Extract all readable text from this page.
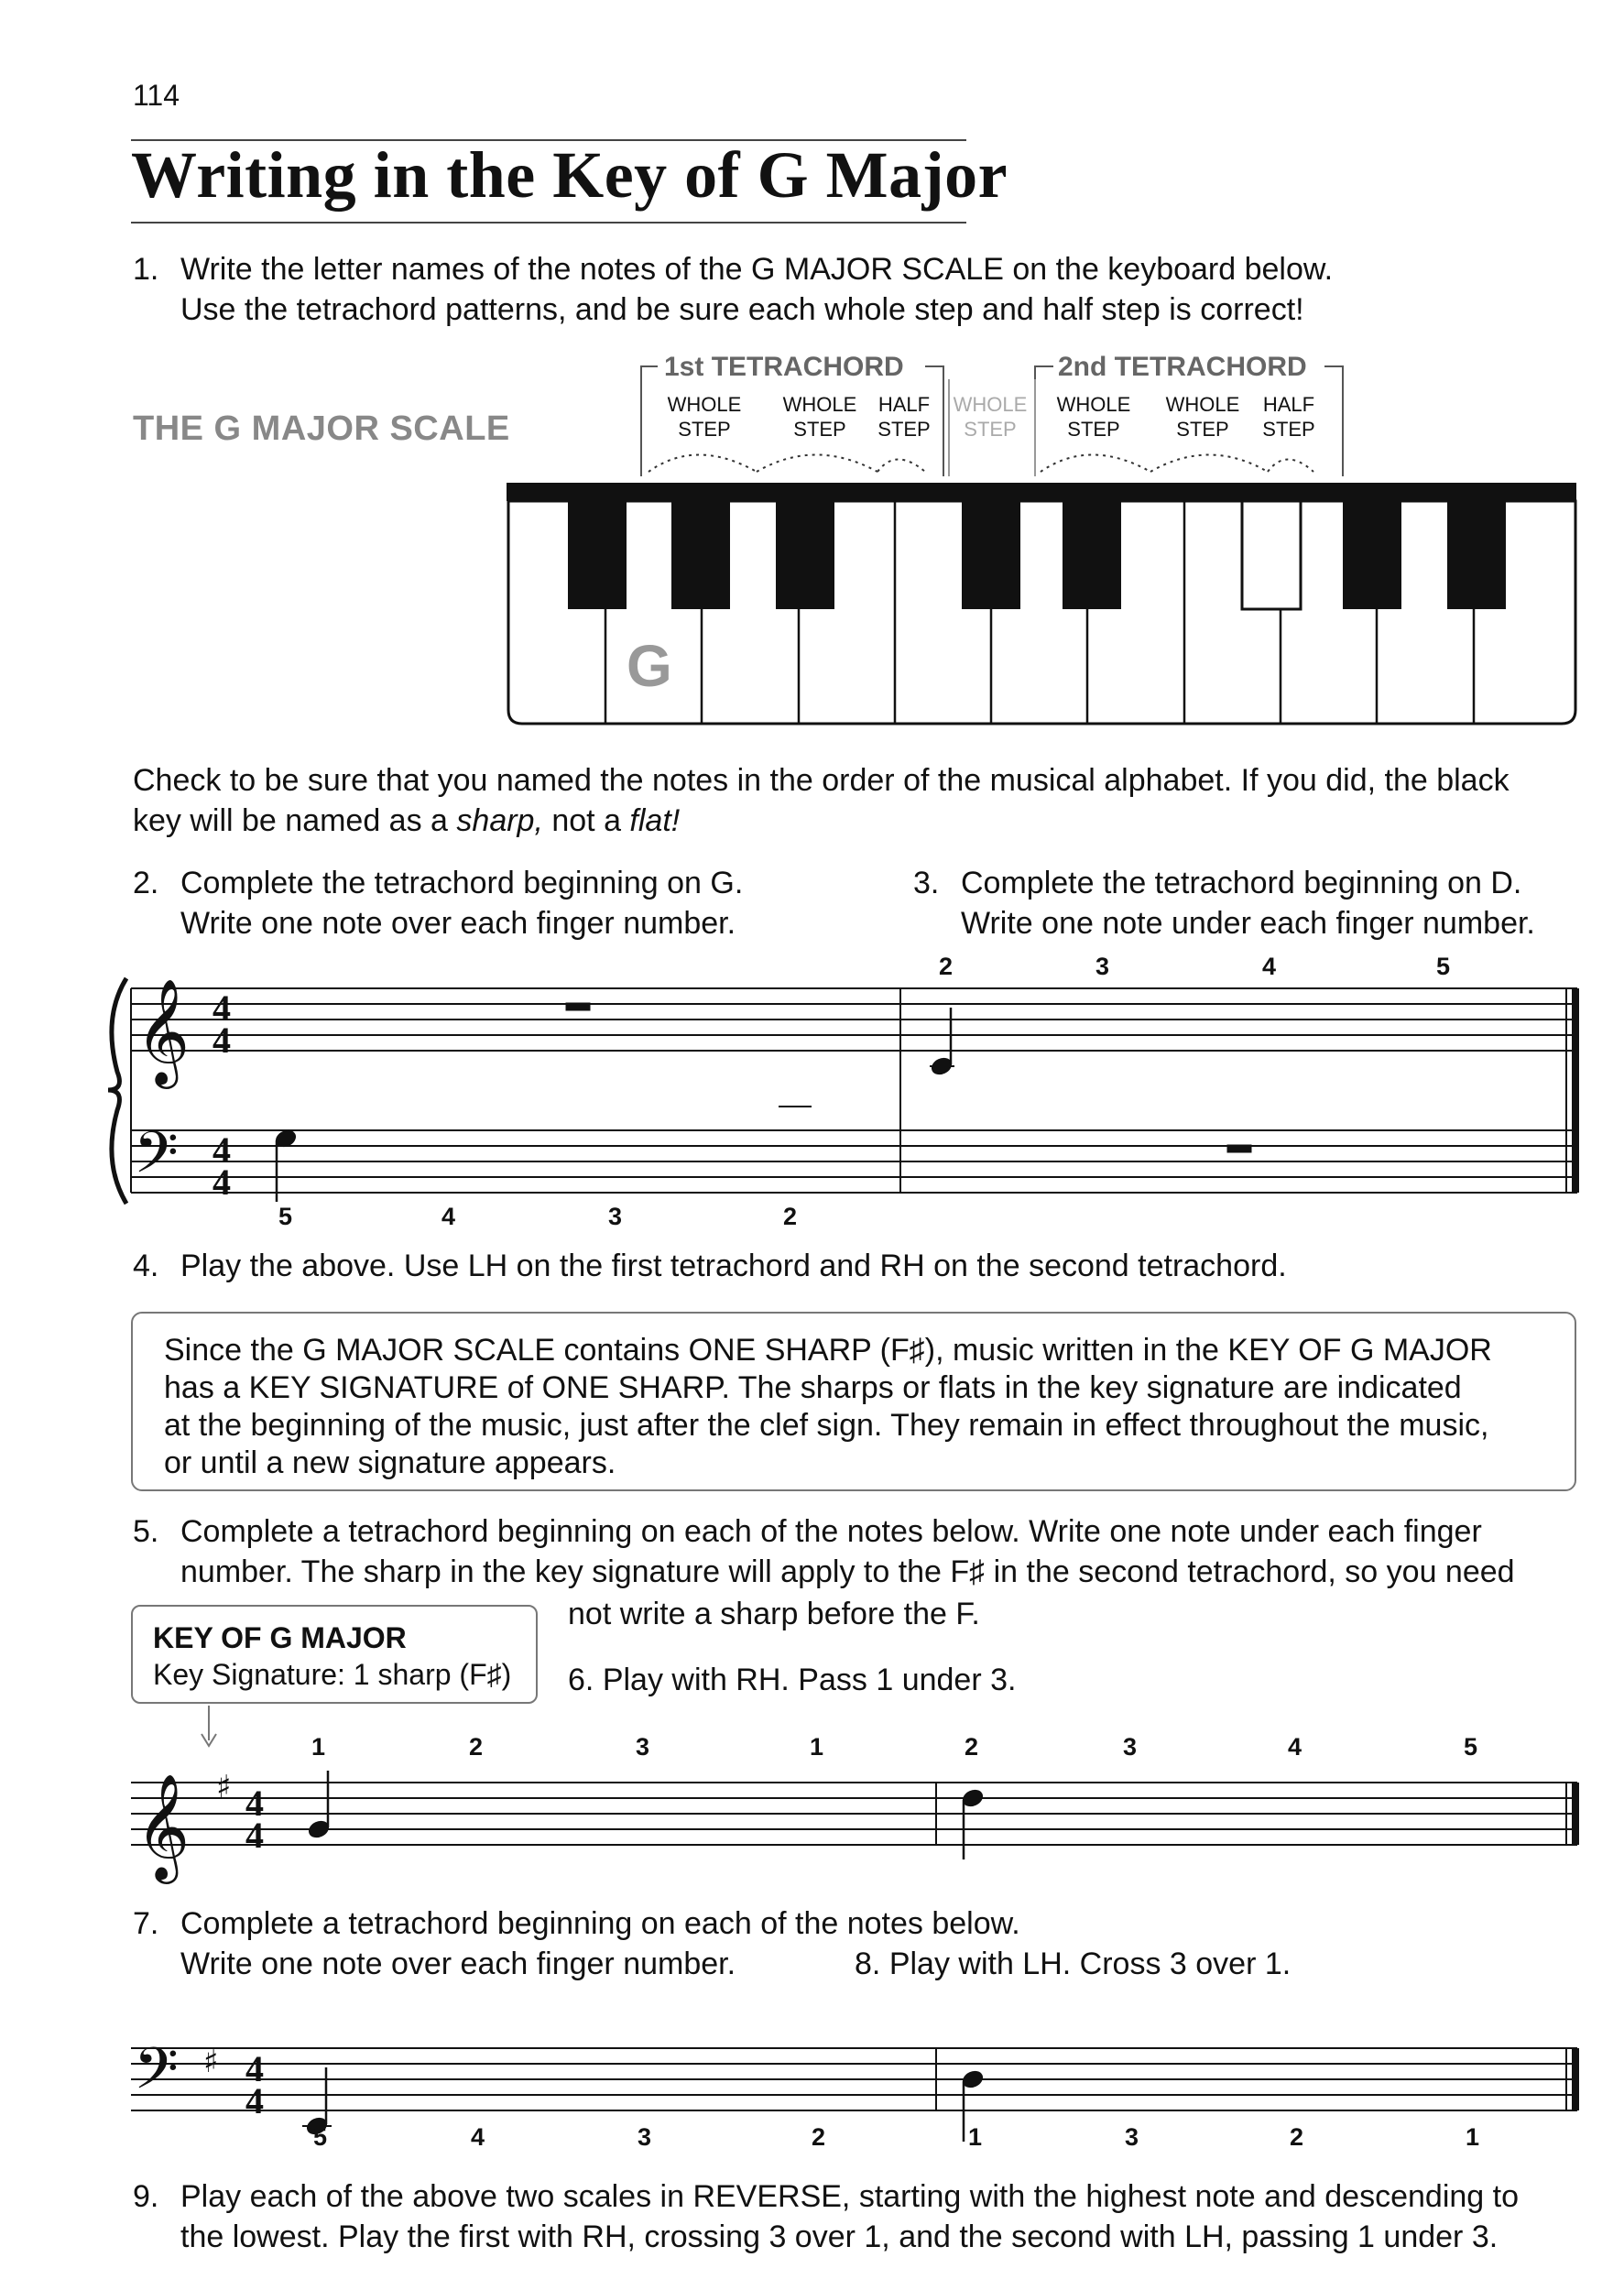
114
Writing in the Key of G Major
1. Write the letter names of the notes of the G MAJOR SCALE on the keyboard below.
Use the tetrachord patterns, and be sure each whole step and half step is correct!
THE G MAJOR SCALE
1st TETRACHORD	2nd TETRACHORD
WHOLE
STEP
WHOLE
STEP
HALF
STEP
WHOLE
STEP
WHOLE
STEP
WHOLE
STEP
HALF
STEP
𝄞
𝄢
4
4
4
4
𝄞 ♯ 4
4
𝄢 ♯ 4
4
G
Check to be sure that you named the notes in the order of the musical alphabet. If you did, the black
key will be named as a sharp, not a flat!
2. Complete the tetrachord beginning on G.
Write one note over each finger number.
3. Complete the tetrachord beginning on D.
Write one note under each finger number.
2	3	4	5
5	4	3	2
4. Play the above. Use LH on the first tetrachord and RH on the second tetrachord.
Since the G MAJOR SCALE contains ONE SHARP (F♯), music written in the KEY OF G MAJOR
has a KEY SIGNATURE of ONE SHARP. The sharps or flats in the key signature are indicated
at the beginning of the music, just after the clef sign. They remain in effect throughout the music,
or until a new signature appears.
5. Complete a tetrachord beginning on each of the notes below. Write one note under each finger
number. The sharp in the key signature will apply to the F♯ in the second tetrachord, so you need
not write a sharp before the F.
KEY OF G MAJOR
Key Signature: 1 sharp (F♯) 6. Play with RH. Pass 1 under 3.
1	2	3	1	2	3	4	5
7. Complete a tetrachord beginning on each of the notes below.
Write one note over each finger number.	8. Play with LH. Cross 3 over 1.
5	4	3	2	1	3	2	1
9. Play each of the above two scales in REVERSE, starting with the highest note and descending to
the lowest. Play the first with RH, crossing 3 over 1, and the second with LH, passing 1 under 3.
